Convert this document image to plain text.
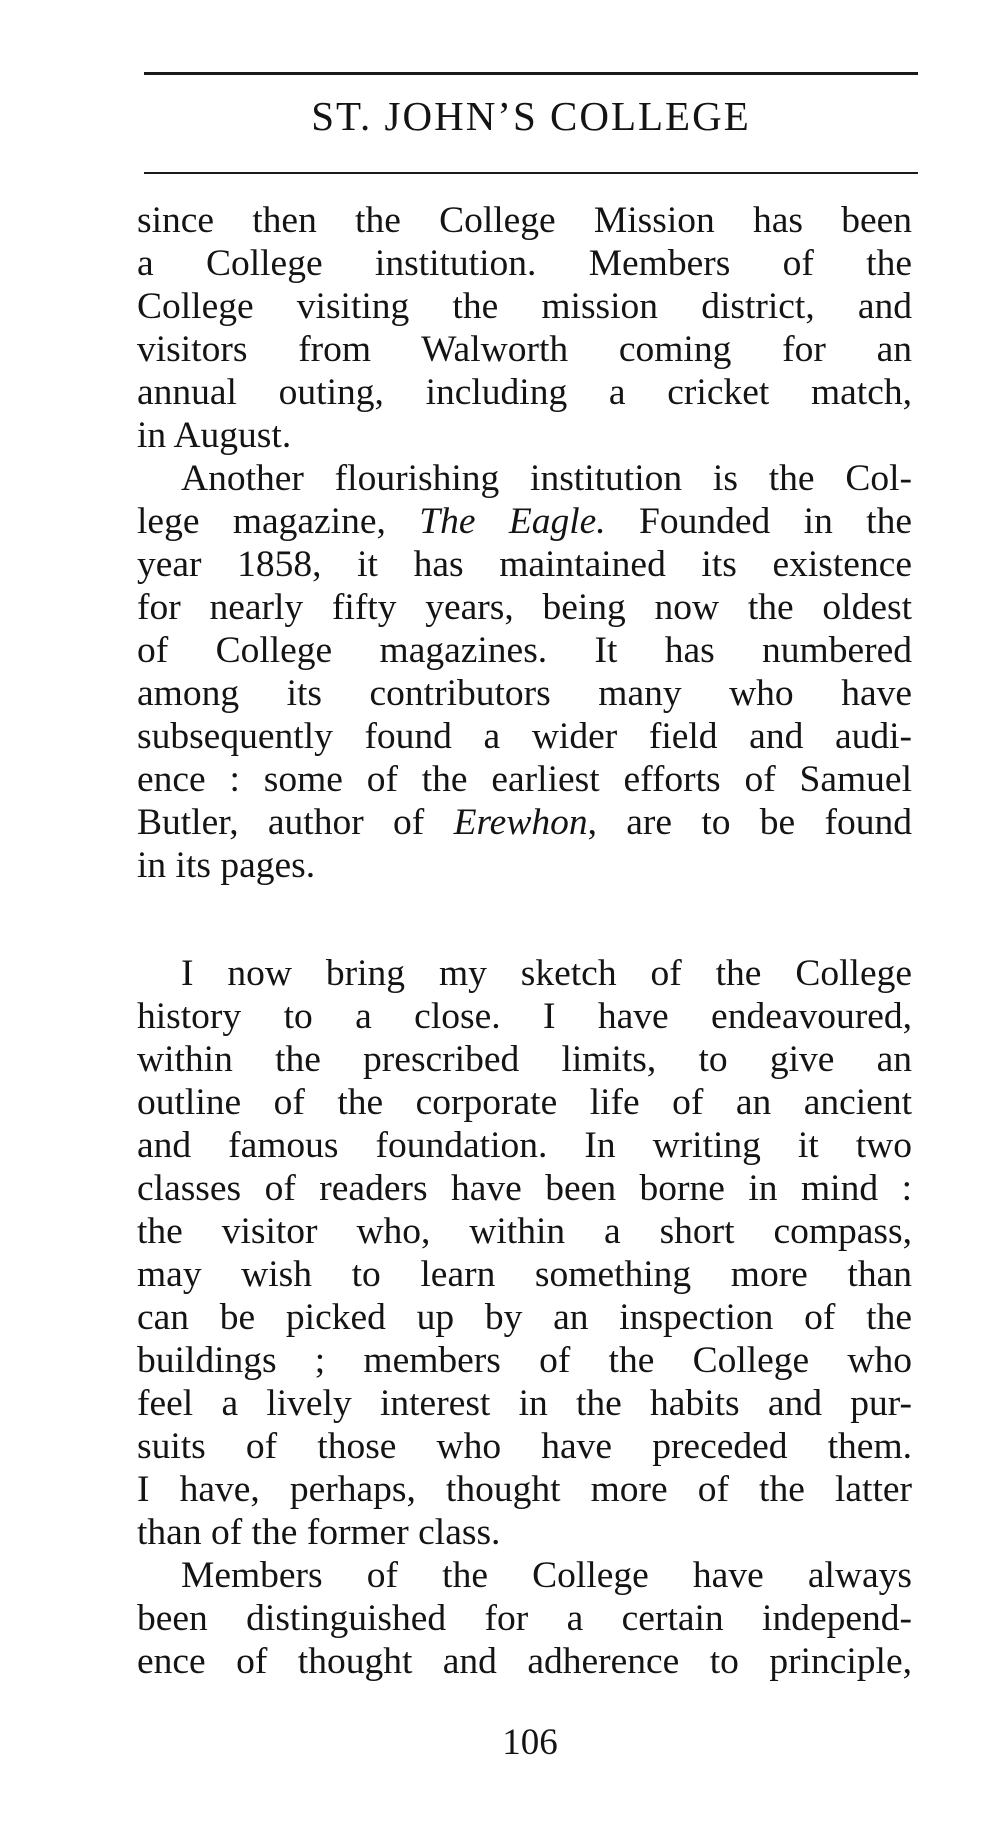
ST. JOHN’S COLLEGE
since then the College Mission has been
a College institution. Members of the
College visiting the mission district, and
visitors from Walworth coming for an
annual outing, including a cricket match,
in August.
Another flourishing institution is the Col-
lege magazine, The Eagle. Founded in the
year 1858, it has maintained its existence
for nearly fifty years, being now the oldest
of College magazines. It has numbered
among its contributors many who have
subsequently found a wider field and audi-
ence : some of the earliest efforts of Samuel
Butler, author of Erewhon, are to be found
in its pages.
I now bring my sketch of the College
history to a close. I have endeavoured,
within the prescribed limits, to give an
outline of the corporate life of an ancient
and famous foundation. In writing it two
classes of readers have been borne in mind :
the visitor who, within a short compass,
may wish to learn something more than
can be picked up by an inspection of the
buildings ; members of the College who
feel a lively interest in the habits and pur-
suits of those who have preceded them.
I have, perhaps, thought more of the latter
than of the former class.
Members of the College have always
been distinguished for a certain independ-
ence of thought and adherence to principle,
106
